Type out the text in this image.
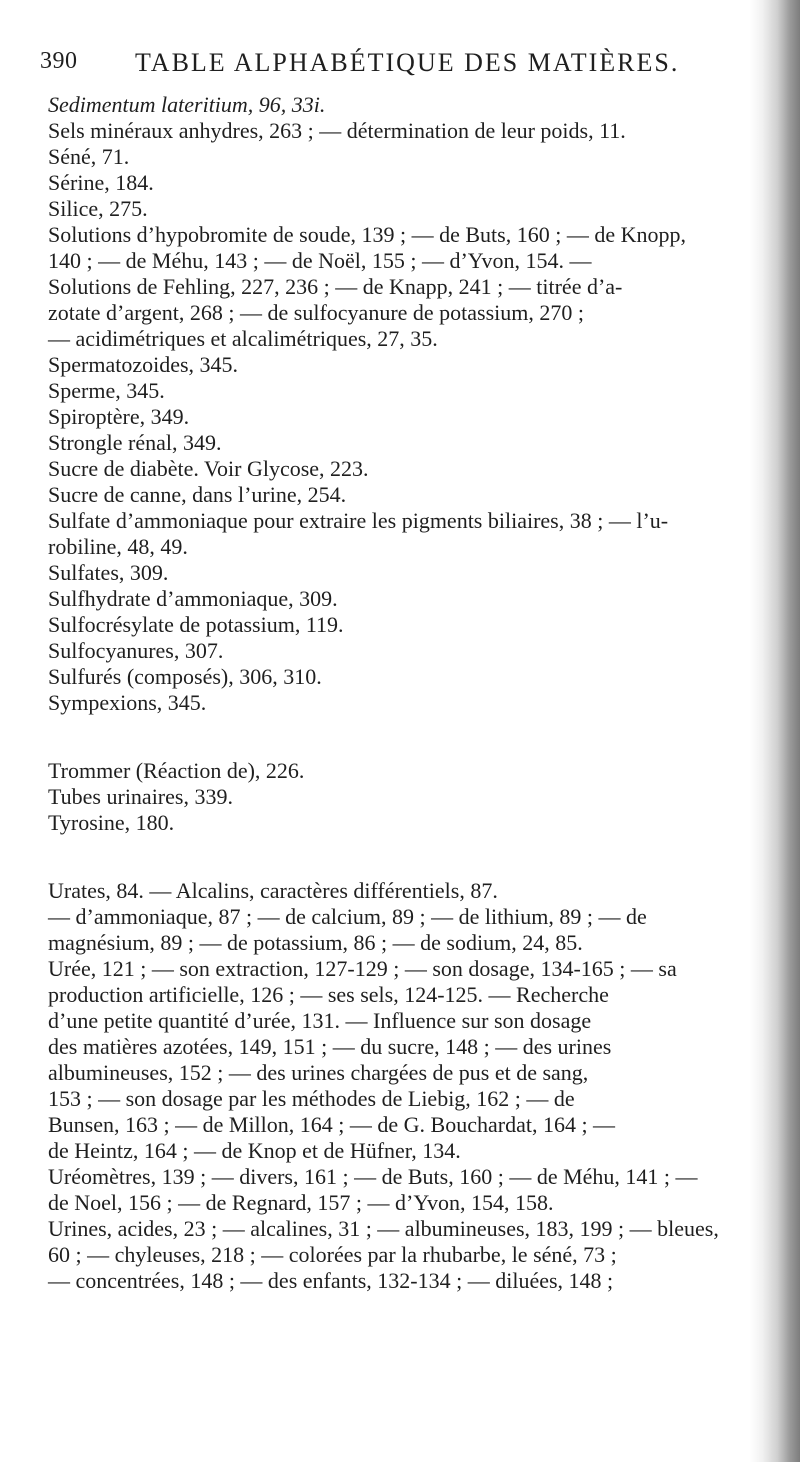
390 TABLE ALPHABÉTIQUE DES MATIÈRES.

Sedimentum lateritium, 96, 33i.

Sels minéraux anhydres, 263 ; — détermination de leur poids, 11.

Séné, 71.

Sérine, 184.

Silice, 275.

Solutions d’hypobromite de soude, 139 ; — de Buts, 160 ; — de Knopp,
140 ; — de Méhu, 143 ; — de Noël, 155 ; — d’Yvon, 154. —
Solutions de Fehling, 227, 236 ; — de Knapp, 241 ; — titrée d’a-
zotate d’argent, 268 ; — de sulfocyanure de potassium, 270 ;
— acidimétriques et alcalimétriques, 27, 35.

Spermatozoides, 345.

Sperme, 345.

Spiroptère, 349.

Strongle rénal, 349.

Sucre de diabète. Voir Glycose, 223.

Sucre de canne, dans l’urine, 254.

Sulfate d’ammoniaque pour extraire les pigments biliaires, 38 ; — l’u-
robiline, 48, 49.

Sulfates, 309.

Sulfhydrate d’ammoniaque, 309.

Sulfocrésylate de potassium, 119.

Sulfocyanures, 307.

Sulfurés (composés), 306, 310.

Sympexions, 345.

Trommer (Réaction de), 226.

Tubes urinaires, 339.

Tyrosine, 180.

Urates, 84. — Alcalins, caractères différentiels, 87.
— d’ammoniaque, 87 ; — de calcium, 89 ; — de lithium, 89 ; — de
magnésium, 89 ; — de potassium, 86 ; — de sodium, 24, 85.

Urée, 121 ; — son extraction, 127-129 ; — son dosage, 134-165 ; — sa
production artificielle, 126 ; — ses sels, 124-125. — Recherche
d’une petite quantité d’urée, 131. — Influence sur son dosage
des matières azotées, 149, 151 ; — du sucre, 148 ; — des urines
albumineuses, 152 ; — des urines chargées de pus et de sang,
153 ; — son dosage par les méthodes de Liebig, 162 ; — de
Bunsen, 163 ; — de Millon, 164 ; — de G. Bouchardat, 164 ; —
de Heintz, 164 ; — de Knop et de Hüfner, 134.

Uréomètres, 139 ; — divers, 161 ; — de Buts, 160 ; — de Méhu, 141 ; —
de Noel, 156 ; — de Regnard, 157 ; — d’Yvon, 154, 158.

Urines, acides, 23 ; — alcalines, 31 ; — albumineuses, 183, 199 ; — bleues,
60 ; — chyleuses, 218 ; — colorées par la rhubarbe, le séné, 73 ;
— concentrées, 148 ; — des enfants, 132-134 ; — diluées, 148 ;
